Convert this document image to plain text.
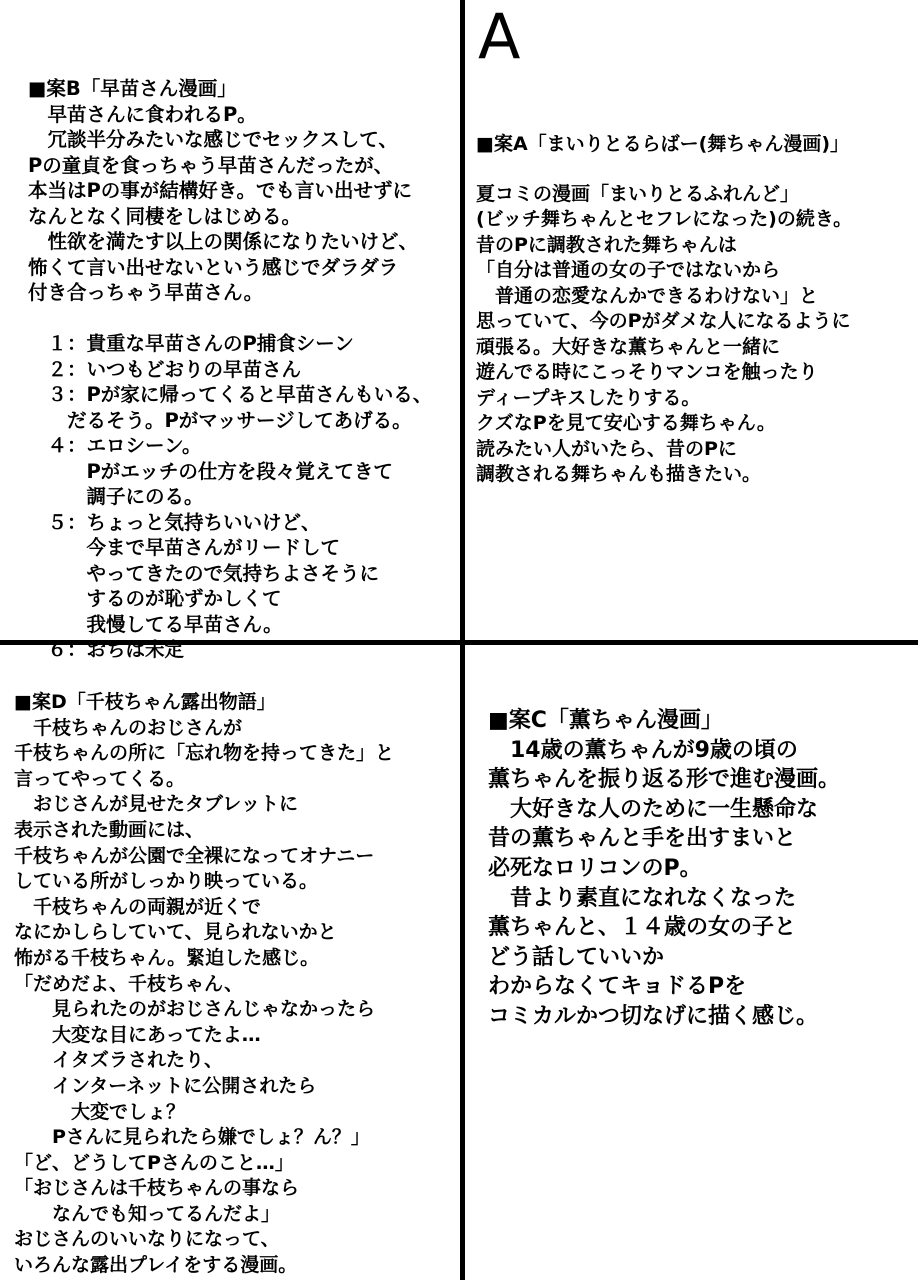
A
■案B「早苗さん漫画」
　早苗さんに食われるP。
　冗談半分みたいな感じでセックスして、
Pの童貞を食っちゃう早苗さんだったが、
本当はPの事が結構好き。でも言い出せずに
なんとなく同棲をしはじめる。
　性欲を満たす以上の関係になりたいけど、
怖くて言い出せないという感じでダラダラ
付き合っちゃう早苗さん。

　１：貴重な早苗さんのP捕食シーン
　２：いつもどおりの早苗さん
　３：Pが家に帰ってくると早苗さんもいる、
　　だるそう。Pがマッサージしてあげる。
　４：エロシーン。
　　　Pがエッチの仕方を段々覚えてきて
　　　調子にのる。
　５：ちょっと気持ちいいけど、
　　　今まで早苗さんがリードして
　　　やってきたので気持ちよさそうに
　　　するのが恥ずかしくて
　　　我慢してる早苗さん。
　６：おちは未定
■案A「まいりとるらばー(舞ちゃん漫画)」
夏コミの漫画「まいりとるふれんど」
(ビッチ舞ちゃんとセフレになった)の続き。
昔のPに調教された舞ちゃんは
「自分は普通の女の子ではないから
　普通の恋愛なんかできるわけない」と
思っていて、今のPがダメな人になるように
頑張る。大好きな薫ちゃんと一緒に
遊んでる時にこっそりマンコを触ったり
ディープキスしたりする。
クズなPを見て安心する舞ちゃん。
読みたい人がいたら、昔のPに
調教される舞ちゃんも描きたい。
■案D「千枝ちゃん露出物語」
　千枝ちゃんのおじさんが
千枝ちゃんの所に「忘れ物を持ってきた」と
言ってやってくる。
　おじさんが見せたタブレットに
表示された動画には、
千枝ちゃんが公園で全裸になってオナニー
している所がしっかり映っている。
　千枝ちゃんの両親が近くで
なにかしらしていて、見られないかと
怖がる千枝ちゃん。緊迫した感じ。
「だめだよ、千枝ちゃん、
　　見られたのがおじさんじゃなかったら
　　大変な目にあってたよ…
　　イタズラされたり、
　　インターネットに公開されたら
　　　大変でしょ？
　　Pさんに見られたら嫌でしょ？ん？」
「ど、どうしてPさんのこと…」
「おじさんは千枝ちゃんの事なら
　　なんでも知ってるんだよ」
おじさんのいいなりになって、
いろんな露出プレイをする漫画。
■案C「薫ちゃん漫画」
　14歳の薫ちゃんが9歳の頃の
薫ちゃんを振り返る形で進む漫画。
　大好きな人のために一生懸命な
昔の薫ちゃんと手を出すまいと
必死なロリコンのP。
　昔より素直になれなくなった
薫ちゃんと、１４歳の女の子と
どう話していいか
わからなくてキョドるPを
コミカルかつ切なげに描く感じ。
